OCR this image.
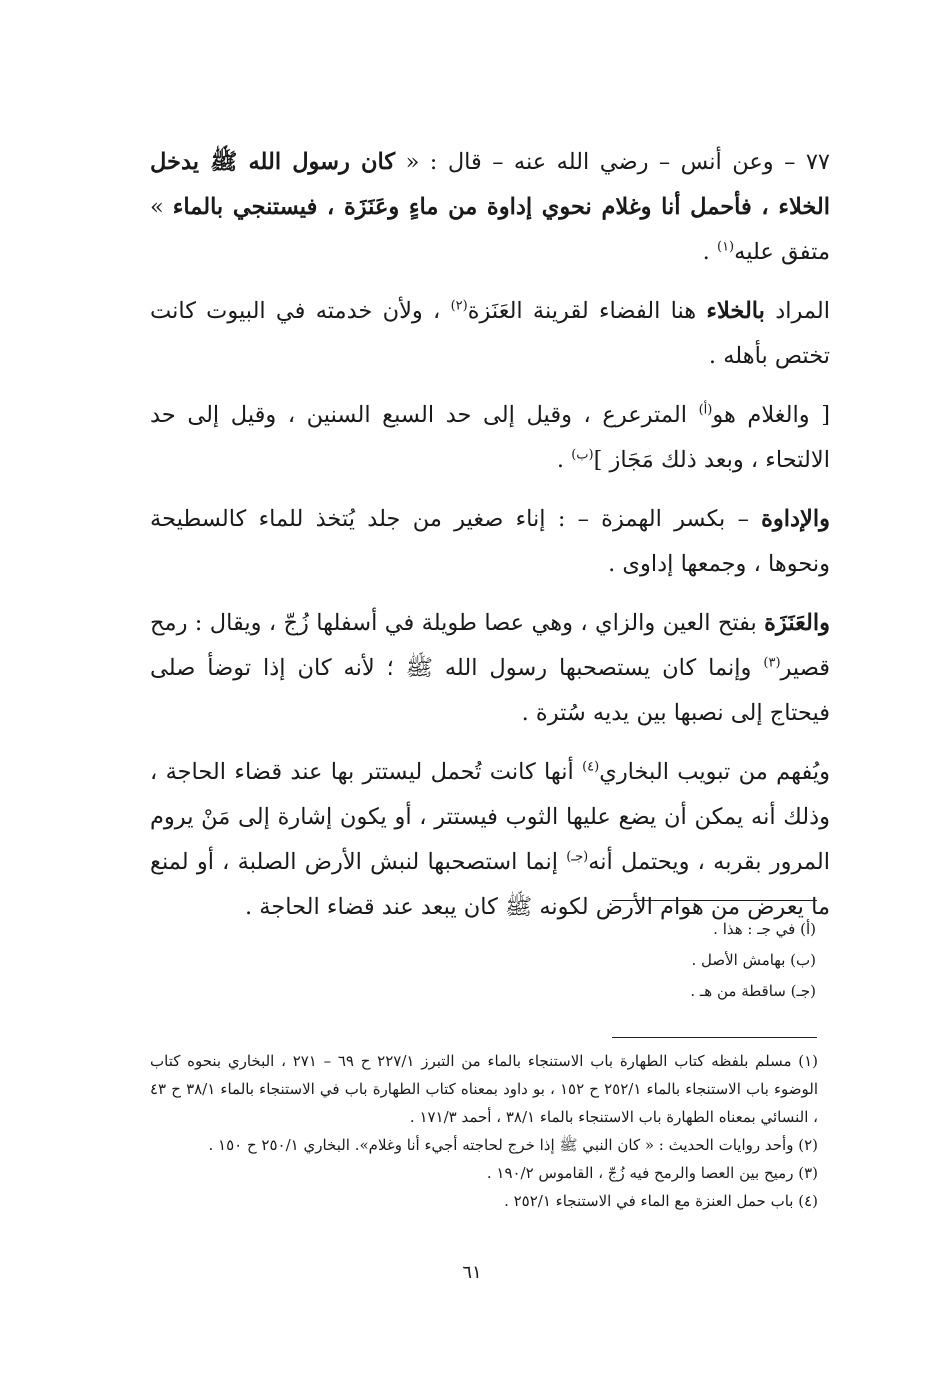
٧٧ – وعن أنس – رضي الله عنه – قال : « كان رسول الله ﷺ يدخل الخلاء ، فأحمل أنا وغلام نحوي إداوة من ماءٍ وعَنَزَة ، فيستنجي بالماء » متفق عليه$^{(١)}$ .

المراد بالخلاء هنا الفضاء لقرينة العَنَزة$^{(٢)}$ ، ولأن خدمته في البيوت كانت تختص بأهله .

[ والغلام هو$^{(أ)}$ المترعرع ، وقيل إلى حد السبع السنين ، وقيل إلى حد الالتحاء ، وبعد ذلك مَجَاز ]$^{(ب)}$ .

والإداوة – بكسر الهمزة – : إناء صغير من جلد يُتخذ للماء كالسطيحة ونحوها ، وجمعها إداوى .

والعَنَزَة بفتح العين والزاي ، وهي عصا طويلة في أسفلها زُجّ ، ويقال : رمح قصير$^{(٣)}$ وإنما كان يستصحبها رسول الله ﷺ ؛ لأنه كان إذا توضأ صلى فيحتاج إلى نصبها بين يديه سُترة .

ويُفهم من تبويب البخاري$^{(٤)}$ أنها كانت تُحمل ليستتر بها عند قضاء الحاجة ، وذلك أنه يمكن أن يضع عليها الثوب فيستتر ، أو يكون إشارة إلى مَنْ يروم المرور بقربه ، ويحتمل أنه$^{(جـ)}$ إنما استصحبها لنبش الأرض الصلبة ، أو لمنع ما يعرض من هوام الأرض لكونه ﷺ كان يبعد عند قضاء الحاجة .

(أ) في جـ : هذا .

(ب) بهامش الأصل .

(جـ) ساقطة من هـ .

(١) مسلم بلفظه كتاب الطهارة باب الاستنجاء بالماء من التبرز ٢٢٧/١ ح ٦٩ – ٢٧١ ، البخاري بنحوه كتاب الوضوء باب الاستنجاء بالماء ٢٥٢/١ ح ١٥٢ ، بو داود بمعناه كتاب الطهارة باب في الاستنجاء بالماء ٣٨/١ ح ٤٣ ، النسائي بمعناه الطهارة باب الاستنجاء بالماء ٣٨/١ ، أحمد ١٧١/٣ .

(٢) وأحد روايات الحديث : « كان النبي ﷺ إذا خرج لحاجته أجيء أنا وغلام». البخاري ٢٥٠/١ ح ١٥٠ .

(٣) رميح بين العصا والرمح فيه زُجّ ، القاموس ١٩٠/٢ .

(٤) باب حمل العنزة مع الماء في الاستنجاء ٢٥٢/١ .

٦١
